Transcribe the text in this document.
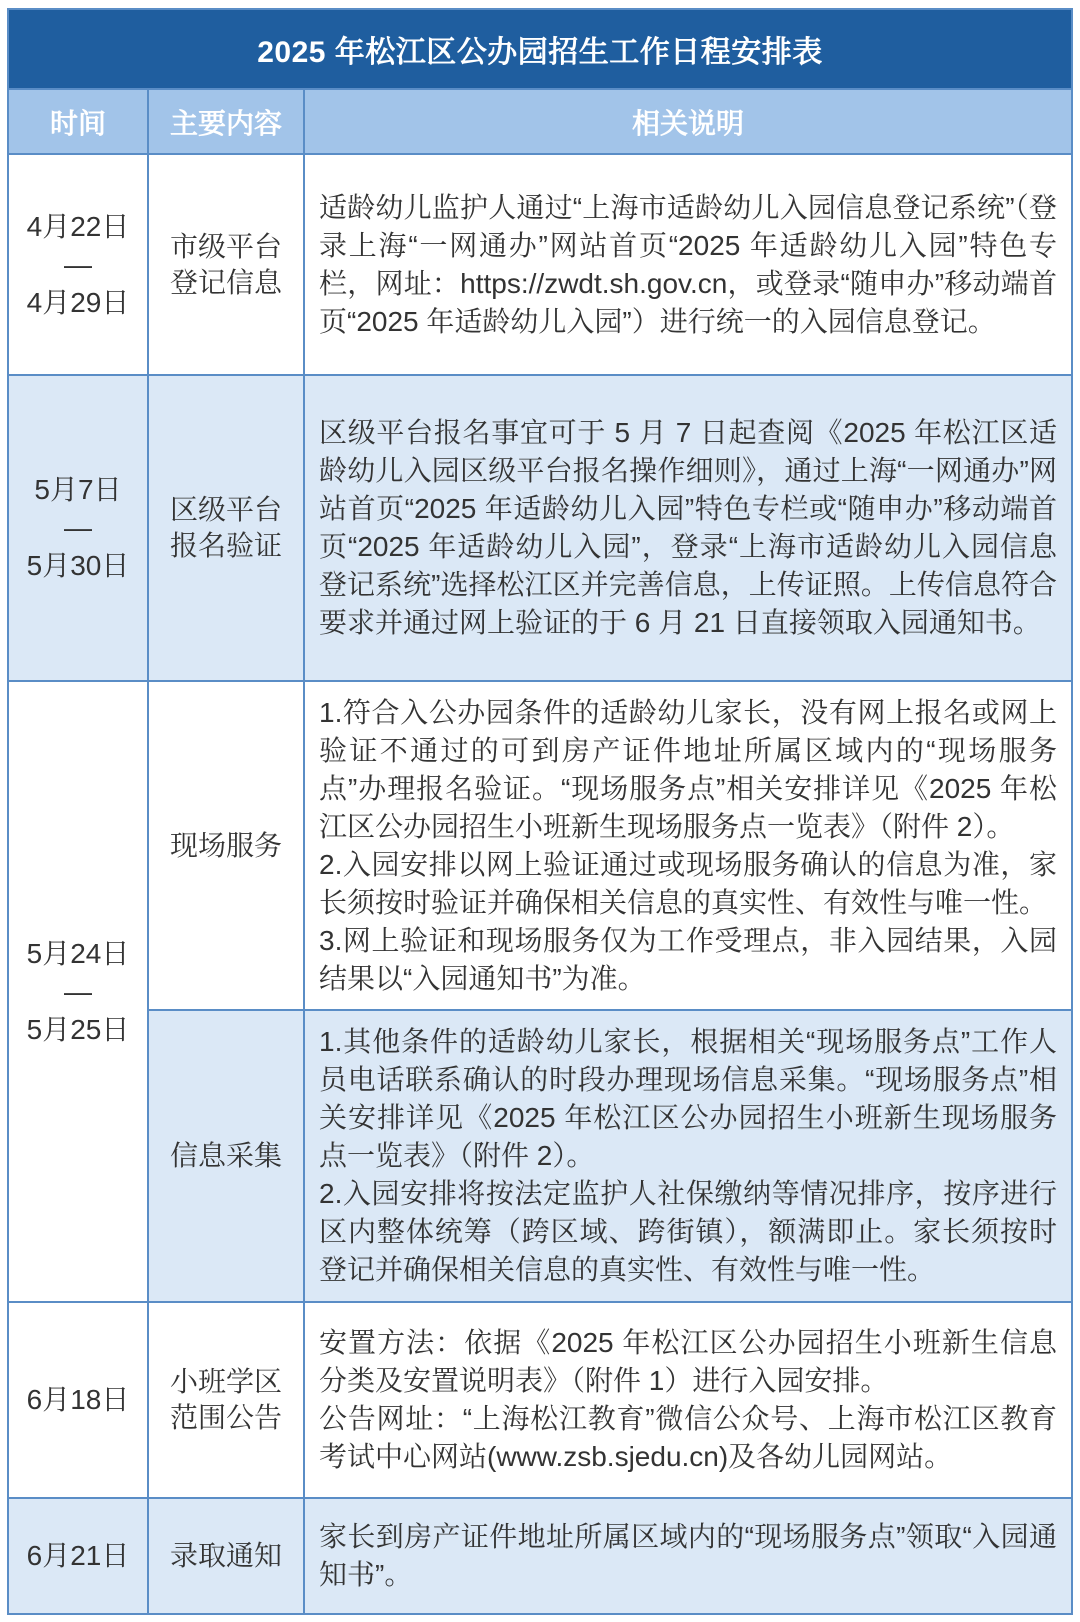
2025 年松江区公办园招生工作日程安排表
时间	主要内容	相关说明
4月22日
—
4月29日
市级平台
登记信息
适龄幼儿监护人通过“上海市适龄幼儿入园信息登记系统”（登录上海“一网通办”网站首页“2025 年适龄幼儿入园”特色专栏，网址：https://zwdt.sh.gov.cn，或登录“随申办”移动端首页“2025 年适龄幼儿入园”）进行统一的入园信息登记。
5月7日
—
5月30日
区级平台
报名验证
区级平台报名事宜可于 5 月 7 日起查阅《2025 年松江区适龄幼儿入园区级平台报名操作细则》，通过上海“一网通办”网站首页“2025 年适龄幼儿入园”特色专栏或“随申办”移动端首页“2025 年适龄幼儿入园”，登录“上海市适龄幼儿入园信息登记系统”选择松江区并完善信息，上传证照。上传信息符合要求并通过网上验证的于 6 月 21 日直接领取入园通知书。
5月24日
—
5月25日
现场服务
1.符合入公办园条件的适龄幼儿家长，没有网上报名或网上验证不通过的可到房产证件地址所属区域内的“现场服务点”办理报名验证。“现场服务点”相关安排详见《2025 年松江区公办园招生小班新生现场服务点一览表》（附件 2）。
2.入园安排以网上验证通过或现场服务确认的信息为准，家长须按时验证并确保相关信息的真实性、有效性与唯一性。
3.网上验证和现场服务仅为工作受理点，非入园结果，入园结果以“入园通知书”为准。
信息采集
1.其他条件的适龄幼儿家长，根据相关“现场服务点”工作人员电话联系确认的时段办理现场信息采集。“现场服务点”相关安排详见《2025 年松江区公办园招生小班新生现场服务点一览表》（附件 2）。
2.入园安排将按法定监护人社保缴纳等情况排序，按序进行区内整体统筹（跨区域、跨街镇），额满即止。家长须按时登记并确保相关信息的真实性、有效性与唯一性。
6月18日
小班学区
范围公告
安置方法：依据《2025 年松江区公办园招生小班新生信息分类及安置说明表》（附件 1）进行入园安排。
公告网址：“上海松江教育”微信公众号、上海市松江区教育考试中心网站(www.zsb.sjedu.cn)及各幼儿园网站。
6月21日 录取通知
家长到房产证件地址所属区域内的“现场服务点”领取“入园通知书”。
